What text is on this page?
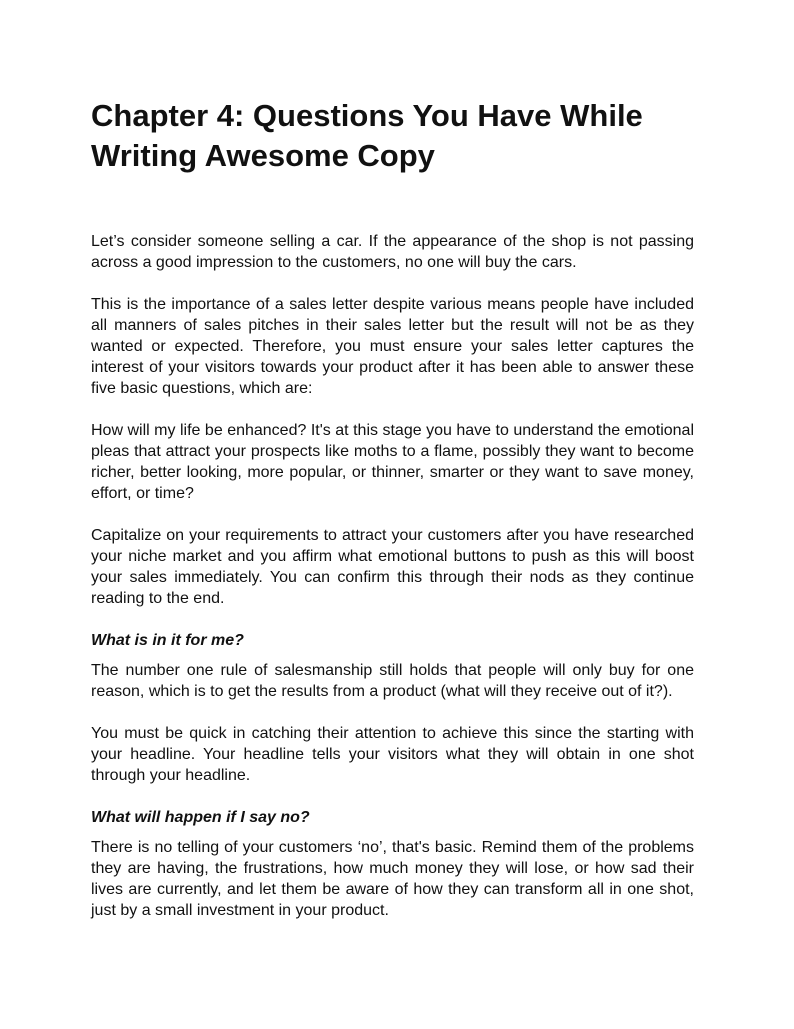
Chapter 4: Questions You Have While Writing Awesome Copy

Let’s consider someone selling a car. If the appearance of the shop is not passing across a good impression to the customers, no one will buy the cars.

This is the importance of a sales letter despite various means people have included all manners of sales pitches in their sales letter but the result will not be as they wanted or expected. Therefore, you must ensure your sales letter captures the interest of your visitors towards your product after it has been able to answer these five basic questions, which are:

How will my life be enhanced? It's at this stage you have to understand the emotional pleas that attract your prospects like moths to a flame, possibly they want to become richer, better looking, more popular, or thinner, smarter or they want to save money, effort, or time?

Capitalize on your requirements to attract your customers after you have researched your niche market and you affirm what emotional buttons to push as this will boost your sales immediately. You can confirm this through their nods as they continue reading to the end.

What is in it for me?

The number one rule of salesmanship still holds that people will only buy for one reason, which is to get the results from a product (what will they receive out of it?).

You must be quick in catching their attention to achieve this since the starting with your headline. Your headline tells your visitors what they will obtain in one shot through your headline.

What will happen if I say no?

There is no telling of your customers ‘no’, that's basic. Remind them of the problems they are having, the frustrations, how much money they will lose, or how sad their lives are currently, and let them be aware of how they can transform all in one shot, just by a small investment in your product.
